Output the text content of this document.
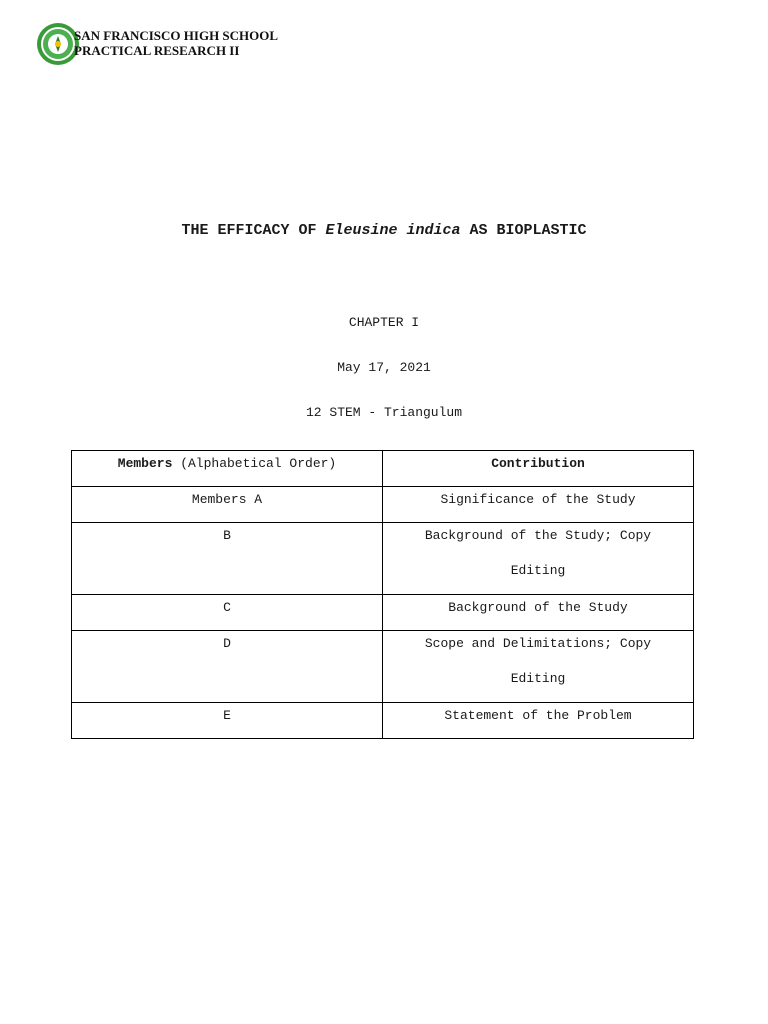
SAN FRANCISCO HIGH SCHOOL
PRACTICAL RESEARCH II
THE EFFICACY OF Eleusine indica AS BIOPLASTIC
CHAPTER I
May 17, 2021
12 STEM - Triangulum
Members (Alphabetical Order)	Contribution

Members A	Significance of the Study

B	Background of the Study; Copy Editing

C	Background of the Study

D	Scope and Delimitations; Copy Editing

E	Statement of the Problem
